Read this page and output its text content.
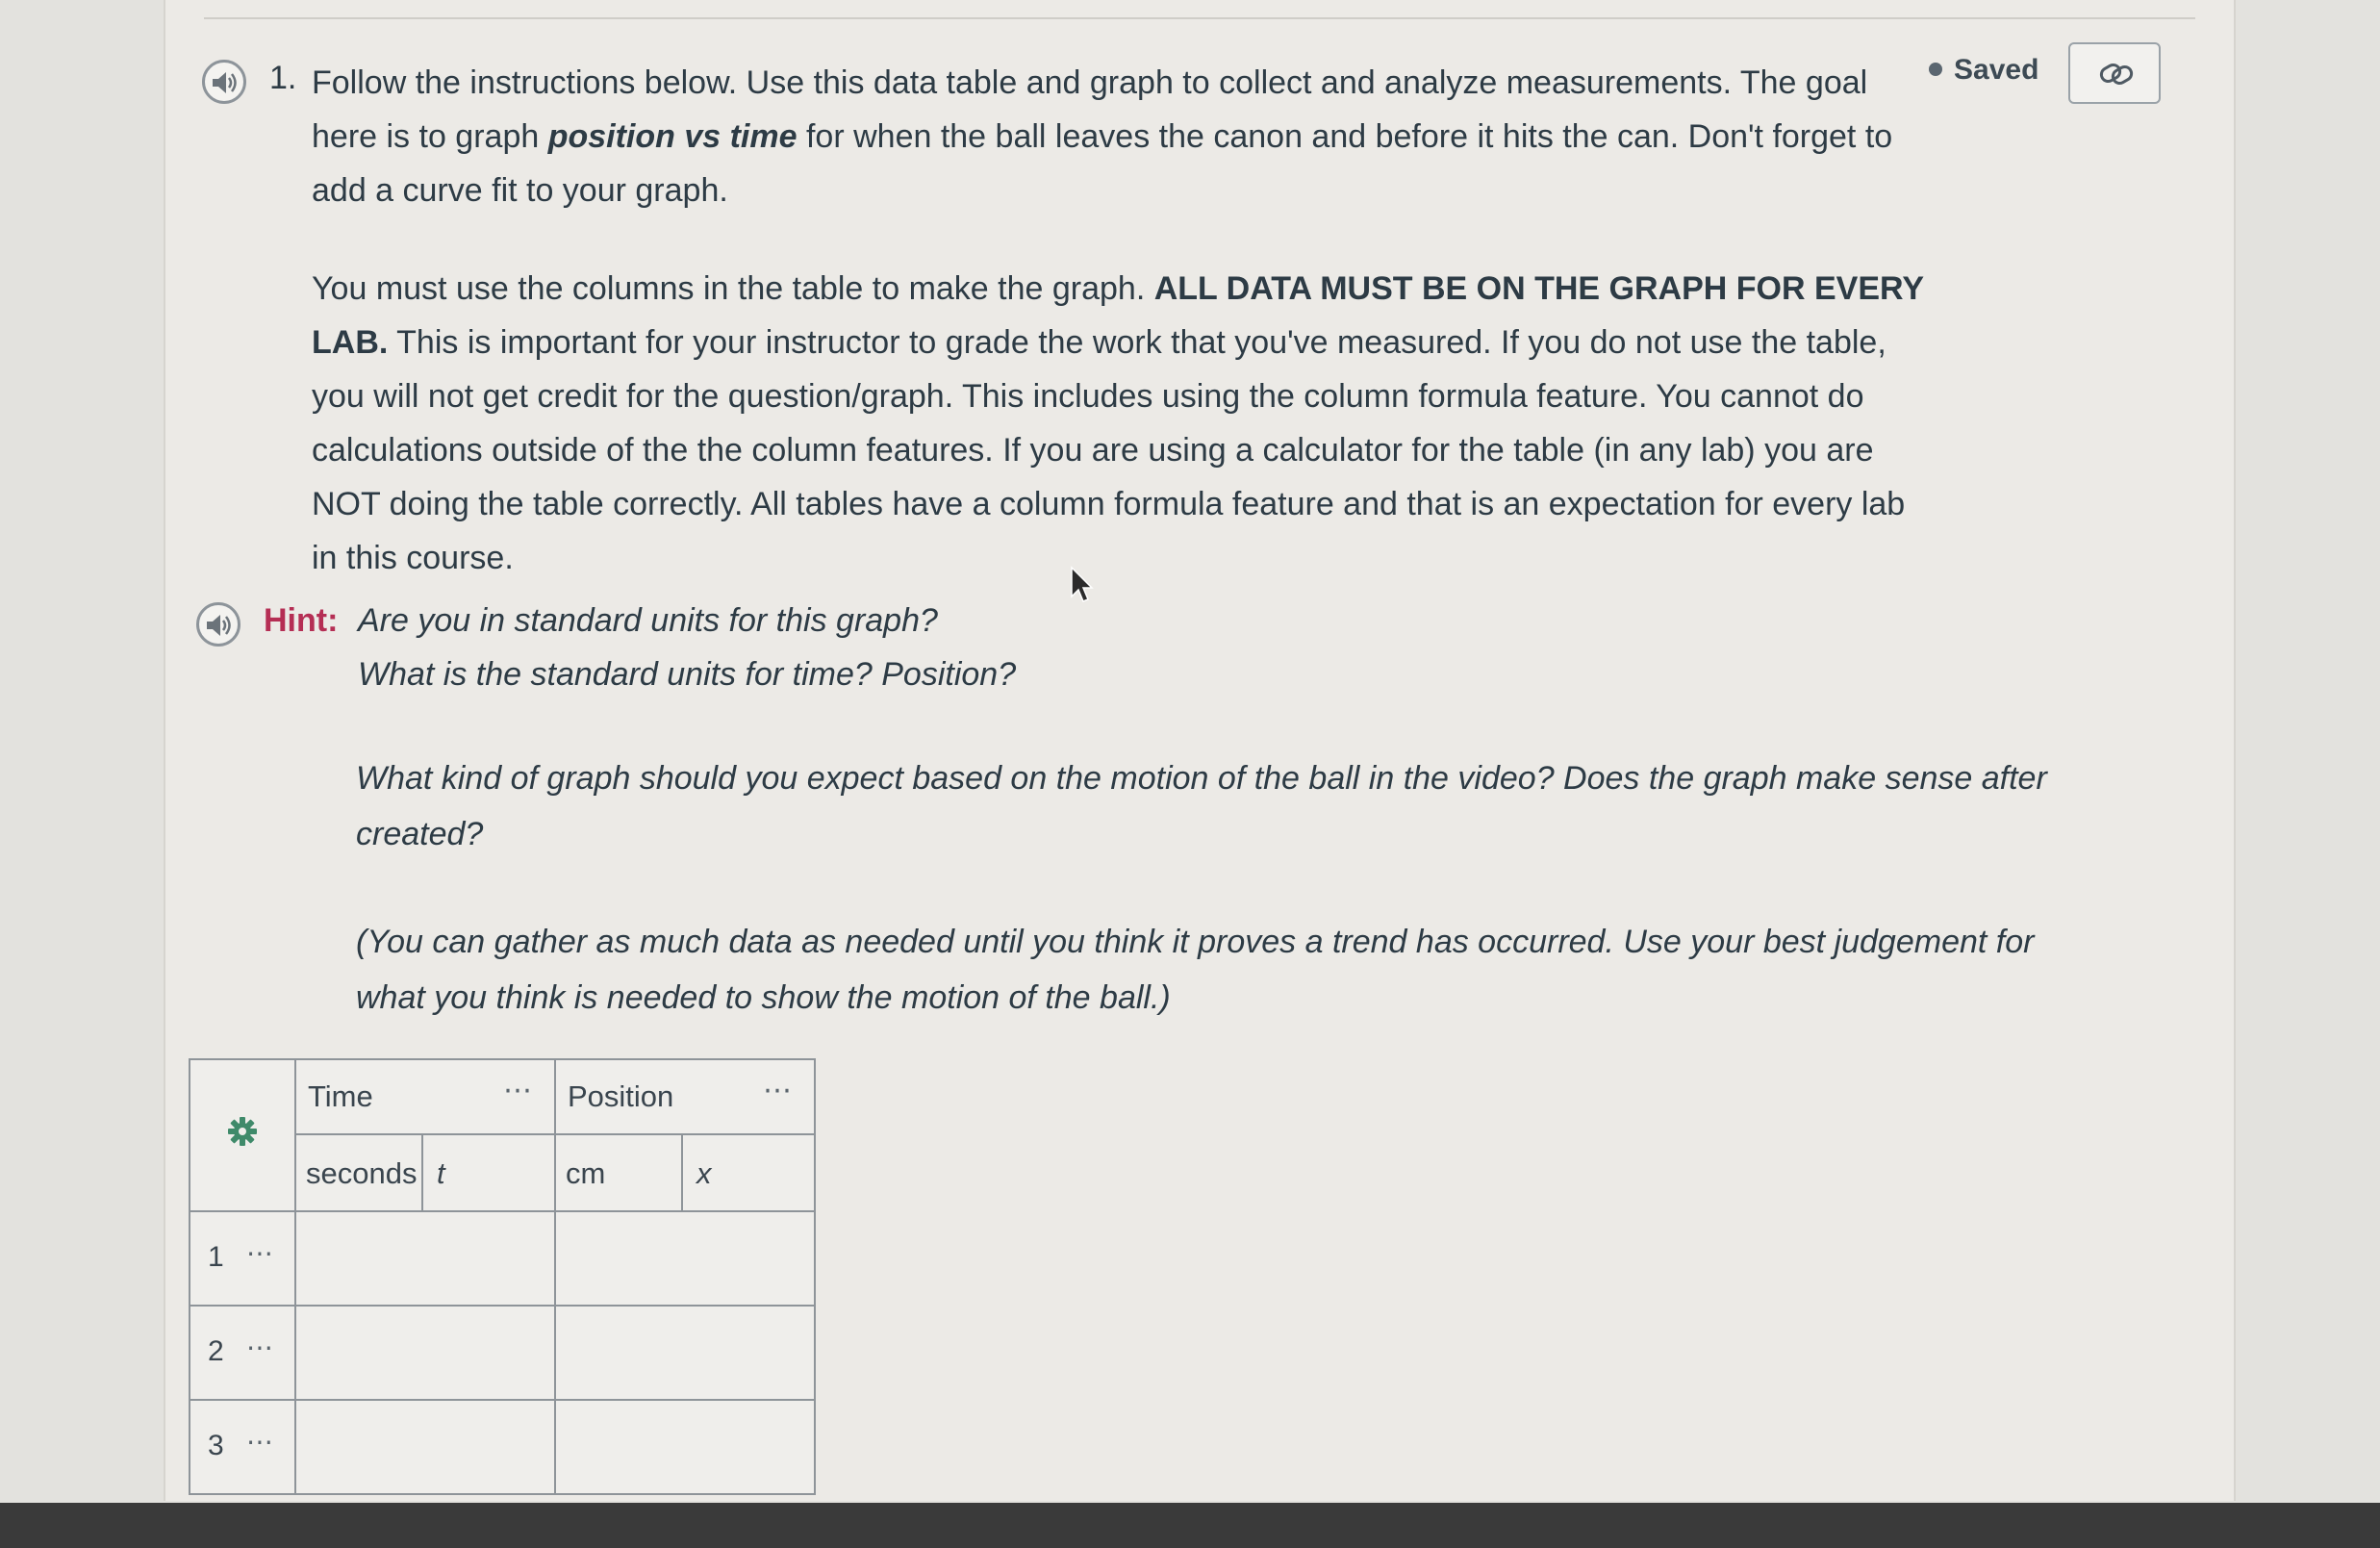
1. Follow the instructions below. Use this data table and graph to collect and analyze measurements. The goal here is to graph position vs time for when the ball leaves the canon and before it hits the can. Don't forget to add a curve fit to your graph.
You must use the columns in the table to make the graph. ALL DATA MUST BE ON THE GRAPH FOR EVERY LAB. This is important for your instructor to grade the work that you've measured. If you do not use the table, you will not get credit for the question/graph. This includes using the column formula feature. You cannot do calculations outside of the the column features. If you are using a calculator for the table (in any lab) you are NOT doing the table correctly. All tables have a column formula feature and that is an expectation for every lab in this course.
Hint: Are you in standard units for this graph?
What is the standard units for time? Position?
What kind of graph should you expect based on the motion of the ball in the video? Does the graph make sense after created?
(You can gather as much data as needed until you think it proves a trend has occurred. Use your best judgement for what you think is needed to show the motion of the ball.)
Saved

Time ⋯		Position ⋯	

	seconds	t	cm	x

1 ⋯				

2 ⋯				

3 ⋯				
